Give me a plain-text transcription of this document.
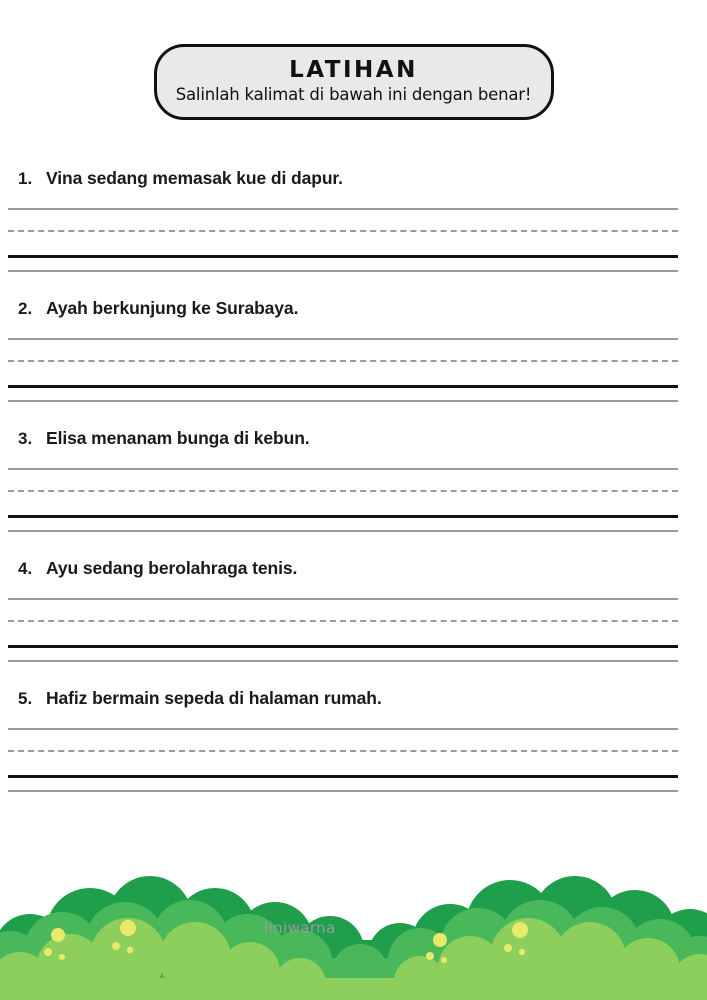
LATIHAN
Salinlah kalimat di bawah ini dengan benar!
1. Vina sedang memasak kue di dapur.
2. Ayah berkunjung ke Surabaya.
3. Elisa menanam bunga di kebun.
4. Ayu sedang berolahraga tenis.
5. Hafiz bermain sepeda di halaman rumah.
liniwarna
